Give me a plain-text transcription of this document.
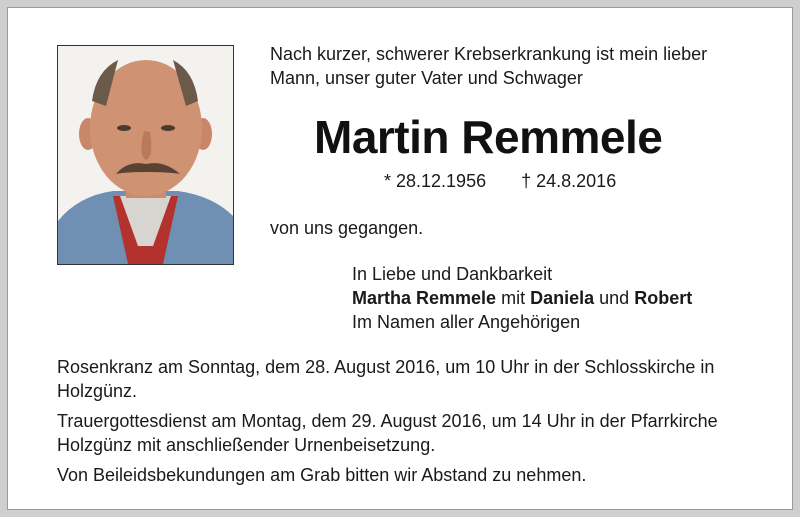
Nach kurzer, schwerer Krebserkrankung ist mein lieber Mann, unser guter Vater und Schwager
Martin Remmele
* 28.12.1956 † 24.8.2016
von uns gegangen.
In Liebe und Dankbarkeit
Martha Remmele mit Daniela und Robert
Im Namen aller Angehörigen

Rosenkranz am Sonntag, dem 28. August 2016, um 10 Uhr in der Schlosskirche in Holzgünz.

Trauergottesdienst am Montag, dem 29. August 2016, um 14 Uhr in der Pfarrkirche Holzgünz mit anschließender Urnenbeisetzung.

Von Beileidsbekundungen am Grab bitten wir Abstand zu nehmen.
